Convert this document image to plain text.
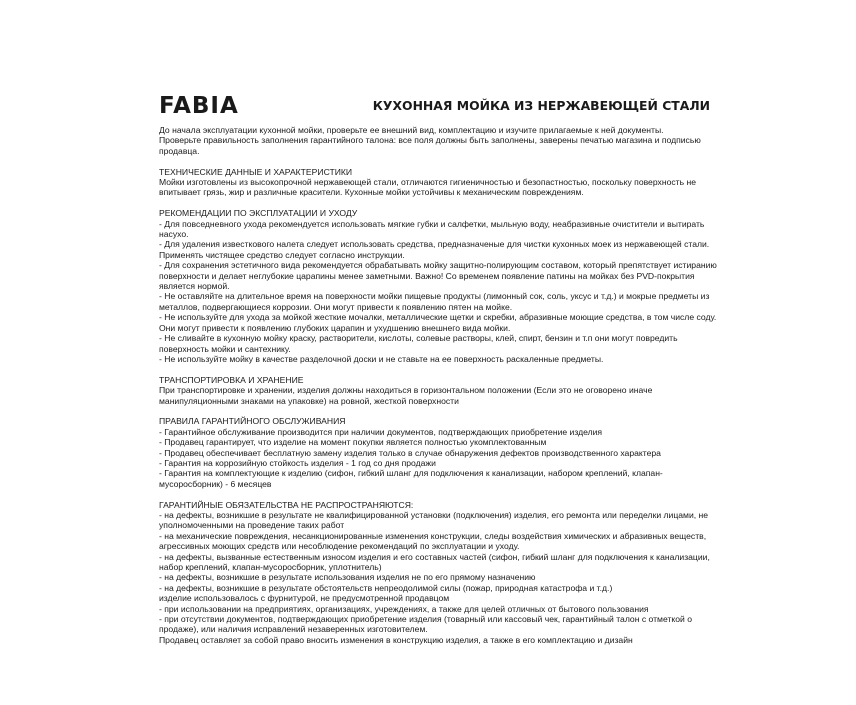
FABIA	КУХОННАЯ МОЙКА ИЗ НЕРЖАВЕЮЩЕЙ СТАЛИ

До начала эксплуатации кухонной мойки, проверьте ее внешний вид, комплектацию и изучите прилагаемые к ней документы.

Проверьте правильность заполнения гарантийного талона: все поля должны быть заполнены, заверены печатью магазина и подписью продавца.

ТЕХНИЧЕСКИЕ ДАННЫЕ И ХАРАКТЕРИСТИКИ

Мойки изготовлены из высокопрочной нержавеющей стали, отличаются гигиеничностью и безопастностью, поскольку поверхность не впитывает грязь, жир и различные красители. Кухонные мойки устойчивы к механическим повреждениям.

РЕКОМЕНДАЦИИ ПО ЭКСПЛУАТАЦИИ И УХОДУ

- Для повседневного ухода рекомендуется использовать мягкие губки и салфетки, мыльную воду, неабразивные очистители и вытирать насухо.

- Для удаления известкового налета следует использовать средства, предназначеные для чистки кухонных моек из нержавеющей стали. Применять чистящее средство следует согласно инструкции.

- Для сохранения эстетичного вида рекомендуется обрабатывать мойку защитно-полирующим составом, который препятствует истиранию поверхности и делает неглубокие царапины менее заметными. Важно! Со временем появление патины на мойках без PVD-покрытия является нормой.

- Не оставляйте на длительное время на поверхности мойки пищевые продукты (лимонный сок, соль, уксус и т.д.) и мокрые предметы из металлов, подвергающиеся коррозии. Они могут привести к появлению пятен на мойке.

- Не используйте для ухода за мойкой жесткие мочалки, металлические щетки и скребки, абразивные моющие средства, в том числе соду. Они могут привести к появлению глубоких царапин и ухудшению внешнего вида мойки.

- Не сливайте в кухонную мойку краску, растворители, кислоты, солевые растворы, клей, спирт, бензин и т.п они могут повредить поверхность мойки и сантехнику.

- Не используйте мойку в качестве разделочной доски и не ставьте на ее поверхность раскаленные предметы.

ТРАНСПОРТИРОВКА И ХРАНЕНИЕ

При транспортировке и хранении, изделия должны находиться в горизонтальном положении (Если это не оговорено иначе манипуляционными знаками на упаковке) на ровной, жесткой поверхности

ПРАВИЛА ГАРАНТИЙНОГО ОБСЛУЖИВАНИЯ

- Гарантийное обслуживание производится при наличии документов, подтверждающих приобретение изделия

- Продавец гарантирует, что изделие на момент покупки является полностью укомплектованным

- Продавец обеспечивает бесплатную замену изделия только в случае обнаружения дефектов производственного характера

- Гарантия на коррозийную стойкость изделия - 1 год со дня продажи

- Гарантия на комплектующие к изделию (сифон, гибкий шланг для подключения к канализации, набором креплений, клапан-мусоросборник) - 6 месяцев

ГАРАНТИЙНЫЕ ОБЯЗАТЕЛЬСТВА НЕ РАСПРОСТРАНЯЮТСЯ:

- на дефекты, возникшие в результате не квалифицированной установки (подключения) изделия, его ремонта или переделки лицами, не уполномоченными на проведение таких работ

- на механические повреждения, несанкционированные изменения конструкции, следы воздействия химических и абразивных веществ, агрессивных моющих средств или несоблюдение рекомендаций по эксплуатации и уходу.

- на дефекты, вызванные естественным износом изделия и его составных частей (сифон, гибкий шланг для подключения к канализации, набор креплений, клапан-мусоросборник, уплотнитель)

- на дефекты, возникшие в результате использования изделия не по его прямому назначению

- на дефекты, возникшие в результате обстоятельств непреодолимой силы (пожар, природная катастрофа и т.д.)

изделие использовалось с фурнитурой, не предусмотренной продавцом

- при использовании на предприятиях, организациях, учреждениях, а также для целей отличных от бытового пользования

- при отсутствии документов, подтверждающих приобретение изделия (товарный или кассовый чек, гарантийный талон с отметкой о продаже), или наличия исправлений незаверенных изготовителем.

Продавец оставляет за собой право вносить изменения в конструкцию изделия, а также в его комплектацию и дизайн
